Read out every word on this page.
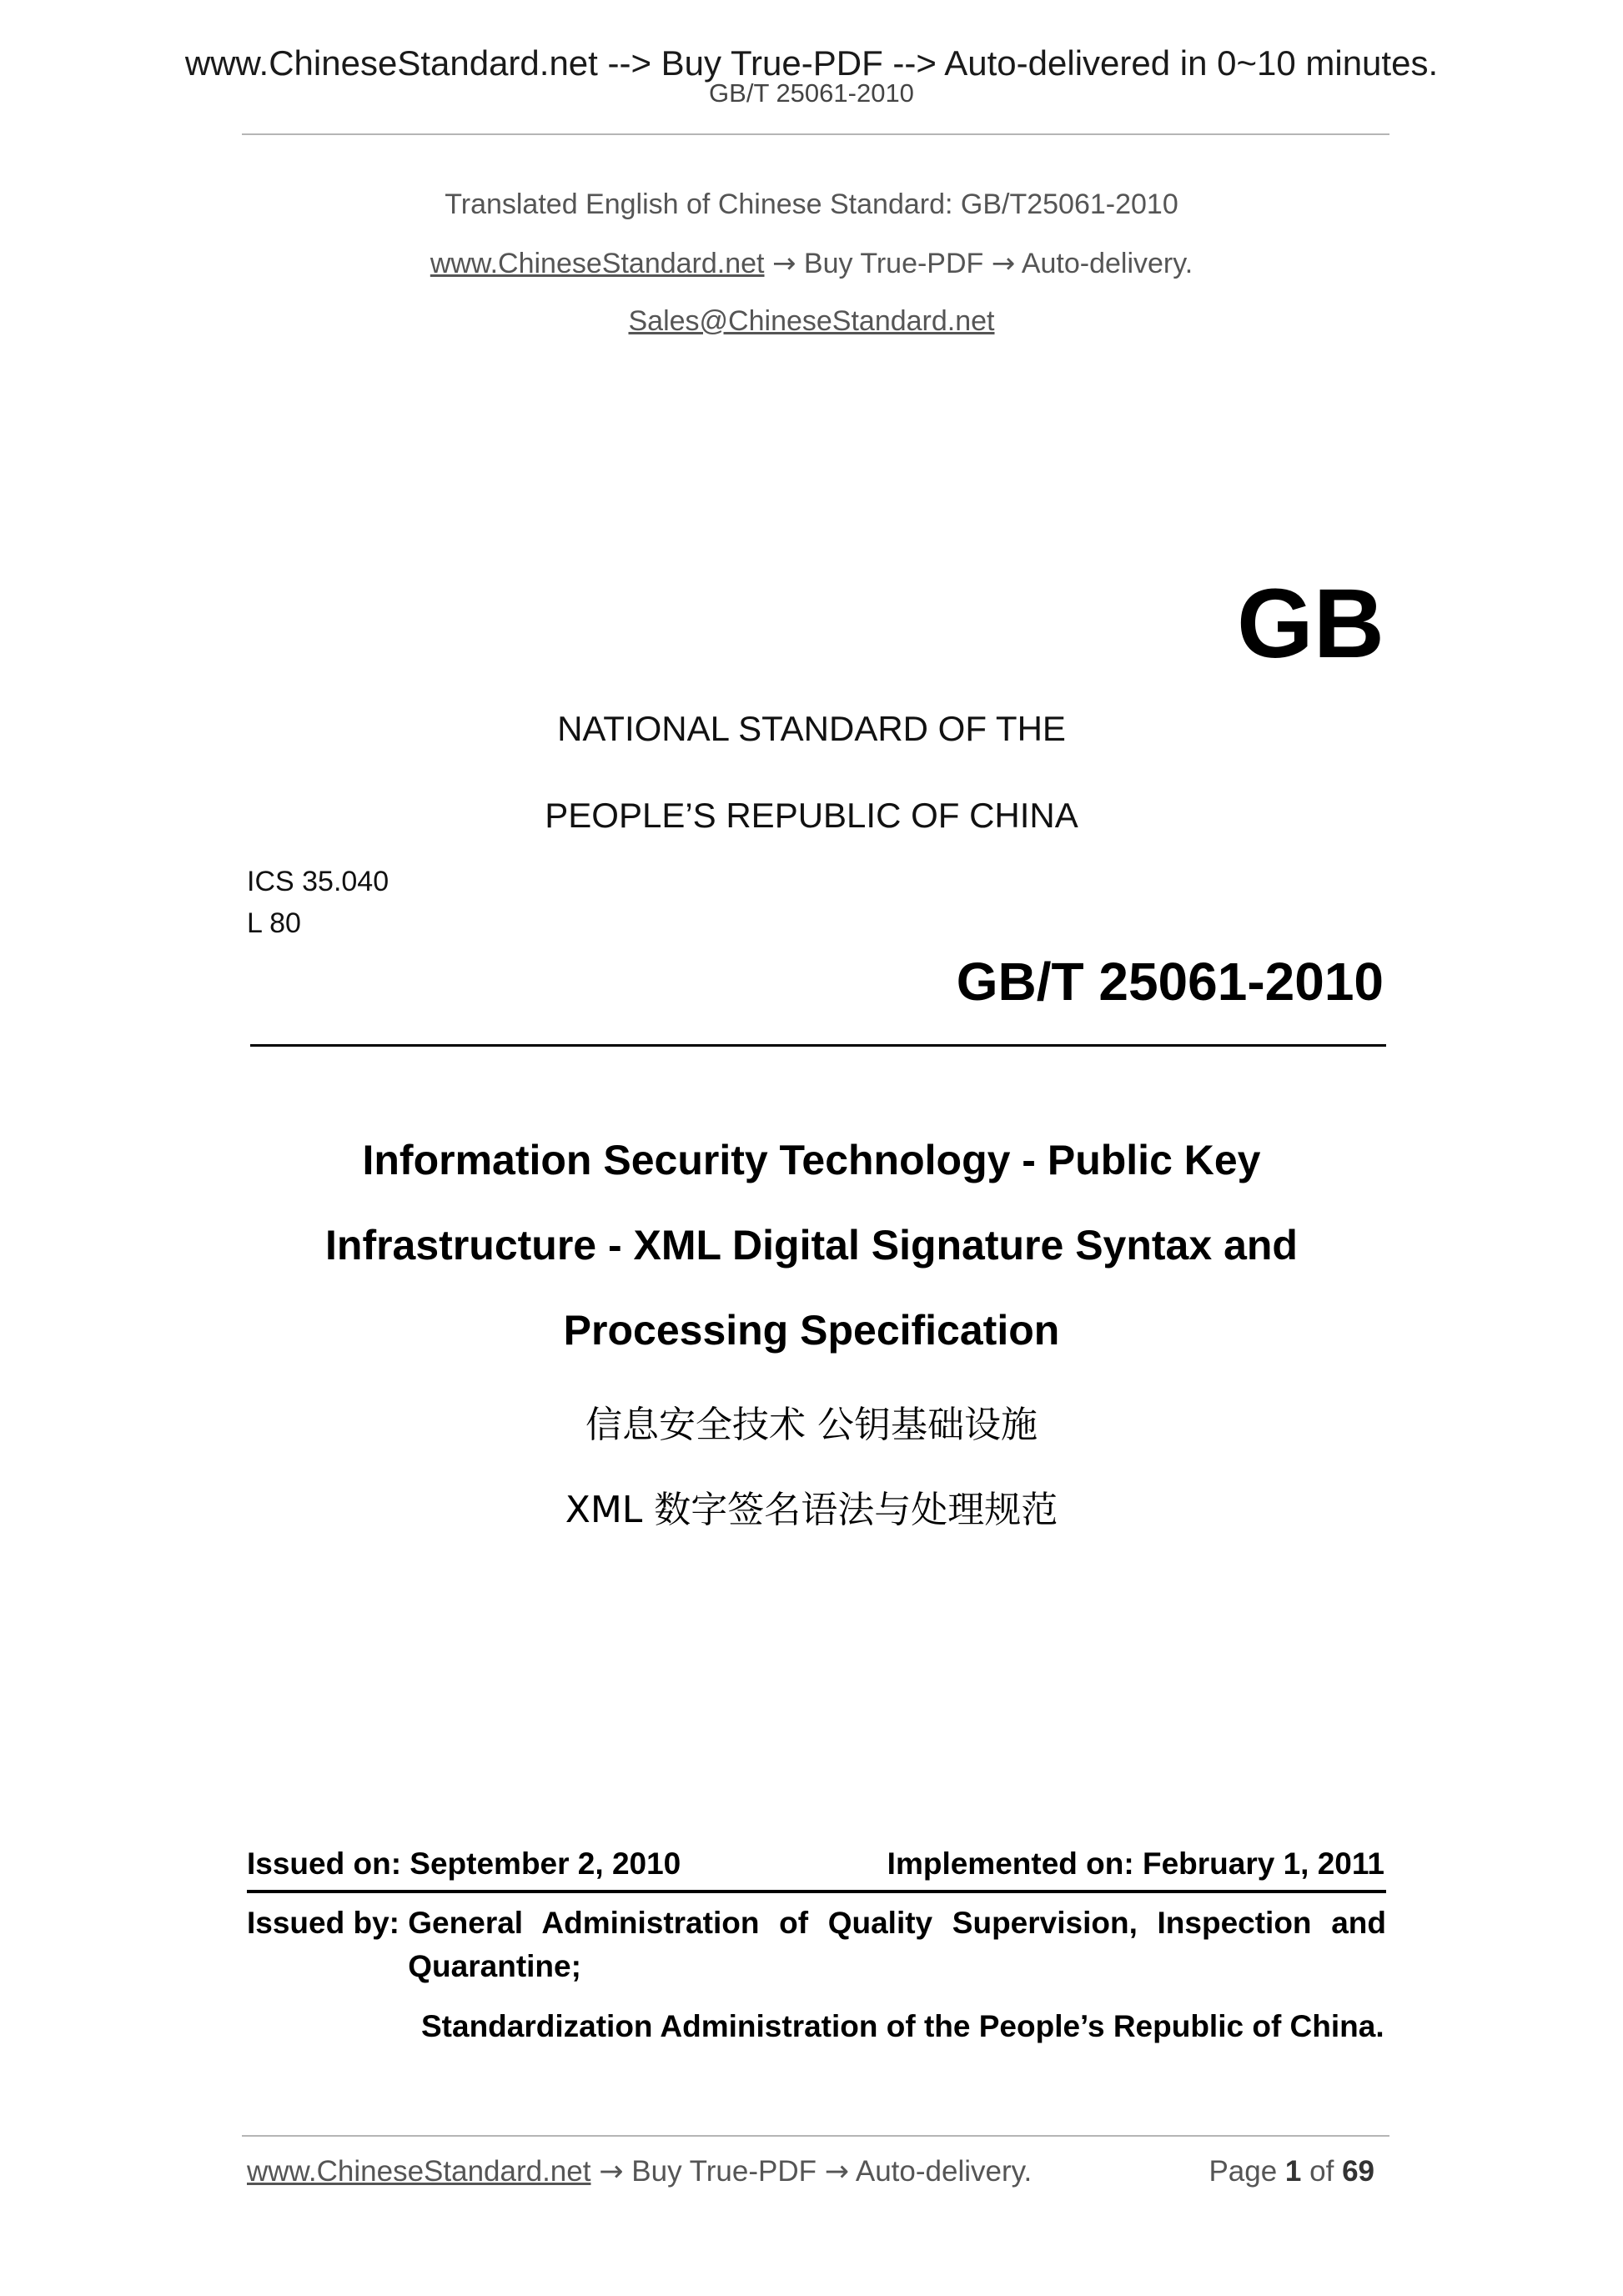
www.ChineseStandard.net --> Buy True-PDF --> Auto-delivered in 0~10 minutes.
GB/T 25061-2010
Translated English of Chinese Standard: GB/T25061-2010
www.ChineseStandard.net → Buy True-PDF → Auto-delivery.
Sales@ChineseStandard.net
GB
NATIONAL STANDARD OF THE
PEOPLE’S REPUBLIC OF CHINA
ICS 35.040
L 80
GB/T 25061-2010
Information Security Technology - Public Key
Infrastructure - XML Digital Signature Syntax and
Processing Specification
信息安全技术 公钥基础设施
XML 数字签名语法与处理规范
Issued on: September 2, 2010	Implemented on: February 1, 2011
Issued by:
General Administration of Quality Supervision, Inspection and Quarantine;
Standardization Administration of the People’s Republic of China.
www.ChineseStandard.net → Buy True-PDF → Auto-delivery.	Page 1 of 69
